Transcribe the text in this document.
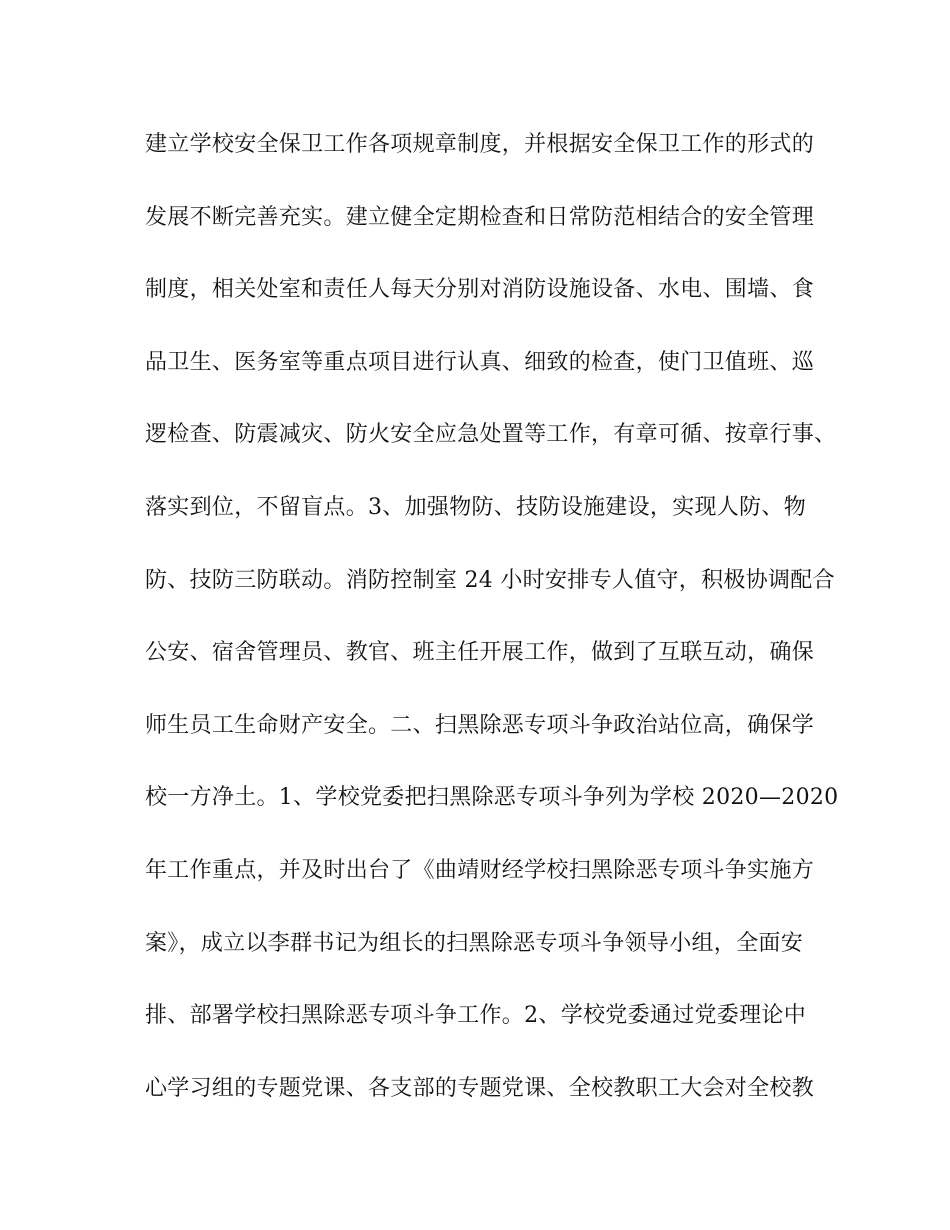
建立学校安全保卫工作各项规章制度，并根据安全保卫工作的形式的
发展不断完善充实。建立健全定期检查和日常防范相结合的安全管理
制度，相关处室和责任人每天分别对消防设施设备、水电、围墙、食
品卫生、医务室等重点项目进行认真、细致的检查，使门卫值班、巡
逻检查、防震减灾、防火安全应急处置等工作，有章可循、按章行事、
落实到位，不留盲点。3、加强物防、技防设施建设，实现人防、物
防、技防三防联动。消防控制室 24 小时安排专人值守，积极协调配合
公安、宿舍管理员、教官、班主任开展工作，做到了互联互动，确保
师生员工生命财产安全。二、扫黑除恶专项斗争政治站位高，确保学
校一方净土。1、学校党委把扫黑除恶专项斗争列为学校 2020—2020
年工作重点，并及时出台了《曲靖财经学校扫黑除恶专项斗争实施方
案》，成立以李群书记为组长的扫黑除恶专项斗争领导小组，全面安
排、部署学校扫黑除恶专项斗争工作。2、学校党委通过党委理论中
心学习组的专题党课、各支部的专题党课、全校教职工大会对全校教
